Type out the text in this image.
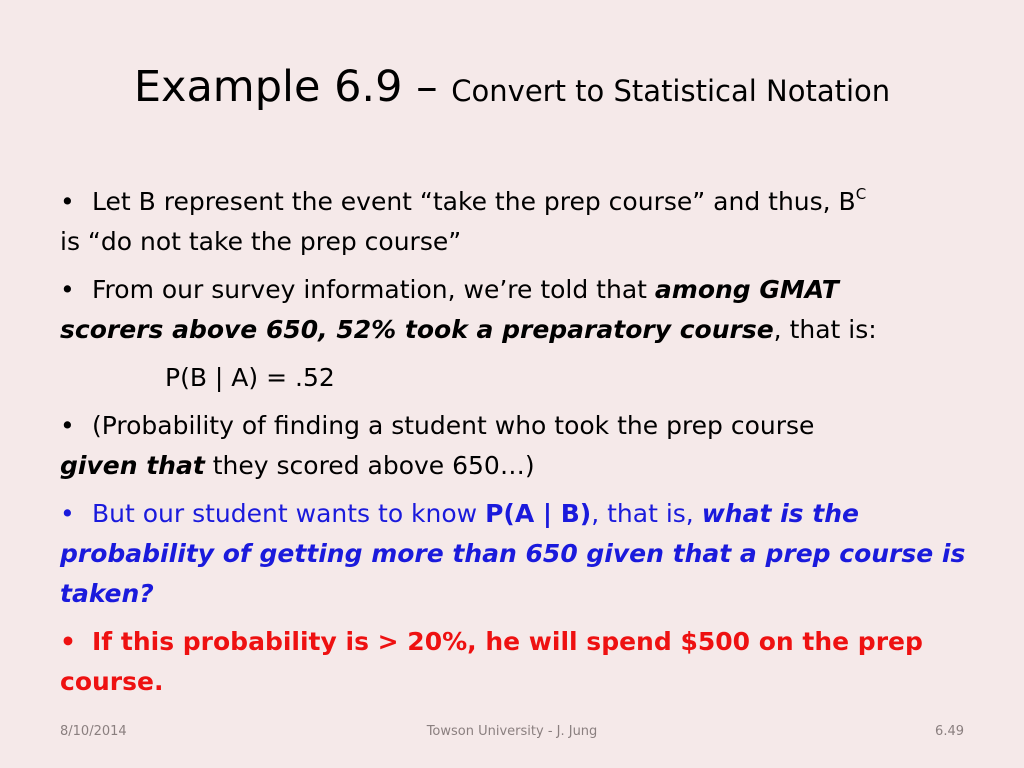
Example 6.9 – Convert to Statistical Notation
• Let B represent the event “take the prep course” and thus, $B^C$
is “do not take the prep course”
• From our survey information, we’re told that among GMAT
scorers above 650, 52% took a preparatory course, that is:
P(B | A) = .52
• (Probability of finding a student who took the prep course
given that they scored above 650…)
• But our student wants to know P(A | B), that is, what is the
probability of getting more than 650 given that a prep course is
taken?
• If this probability is > 20%, he will spend $500 on the prep
course.
8/10/2014	Towson University - J. Jung	6.49
